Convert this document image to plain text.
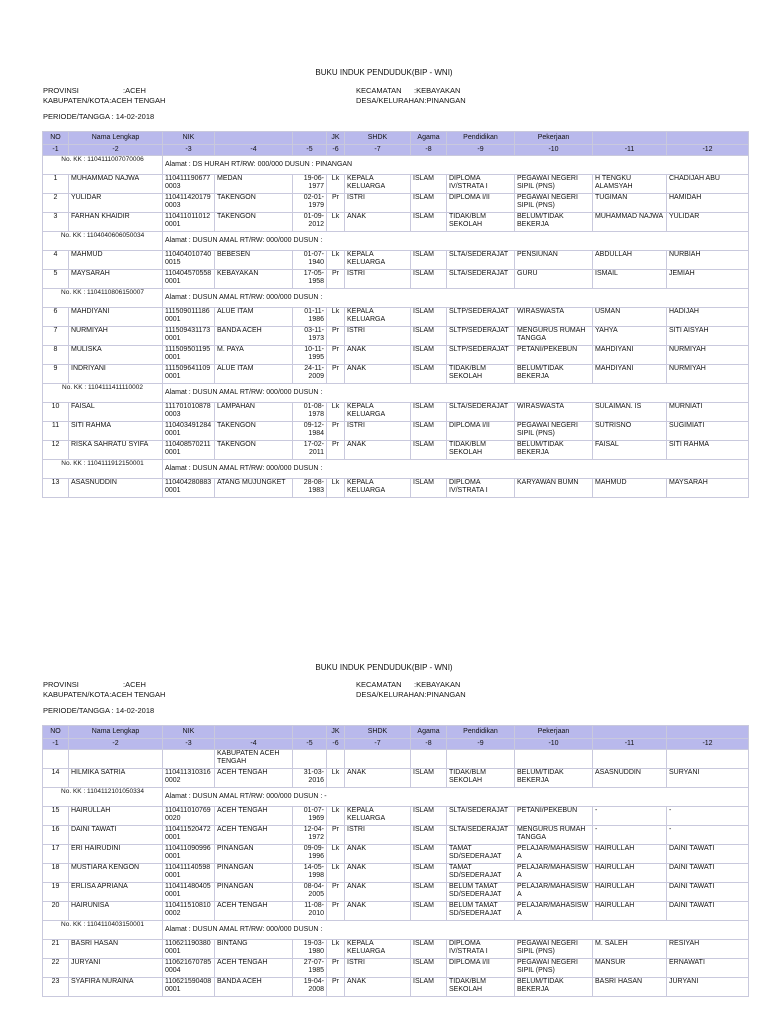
BUKU INDUK PENDUDUK(BIP - WNI)
PROVINSI	:ACEH
KABUPATEN/KOTA:ACEH TENGAH
PERIODE/TANGGA : 14-02-2018
KECAMATAN :KEBAYAKAN
DESA/KELURAHAN:PINANGAN
NO	Nama Lengkap	NIK			JK	SHDK	Agama	Pendidikan	Pekerjaan		
-1	-2	-3	-4	-5	-6	-7	-8	-9	-10	-11	-12
No. KK : 1104111007070006		Alamat : DS HURAH RT/RW: 000/000 DUSUN : PINANGAN									
1	MUHAMMAD NAJWA	1104111906770003	MEDAN	19-06-1977	Lk	KEPALA KELUARGA	ISLAM	DIPLOMA IV/STRATA I	PEGAWAI NEGERI SIPIL (PNS)	H TENGKU ALAMSYAH	CHADIJAH ABU
2	YULIDAR	1104114201790003	TAKENGON	02-01-1979	Pr	ISTRI	ISLAM	DIPLOMA I/II	PEGAWAI NEGERI SIPIL (PNS)	TUGIMAN	HAMIDAH
3	FARHAN KHAIDIR	1104110110120001	TAKENGON	01-09-2012	Lk	ANAK	ISLAM	TIDAK/BLM SEKOLAH	BELUM/TIDAK BEKERJA	MUHAMMAD NAJWA	YULIDAR
No. KK : 1104040606050034		Alamat : DUSUN AMAL RT/RW: 000/000 DUSUN :									
4	MAHMUD	1104040107400015	BEBESEN	01-07-1940	Lk	KEPALA KELUARGA	ISLAM	SLTA/SEDERAJAT	PENSIUNAN	ABDULLAH	NURBIAH
5	MAYSARAH	1104045705580001	KEBAYAKAN	17-05-1958	Pr	ISTRI	ISLAM	SLTA/SEDERAJAT	GURU	ISMAIL	JEMIAH
No. KK : 1104110806150007		Alamat : DUSUN AMAL RT/RW: 000/000 DUSUN :									
6	MAHDIYANI	1115090111860001	ALUE ITAM	01-11-1986	Lk	KEPALA KELUARGA	ISLAM	SLTP/SEDERAJAT	WIRASWASTA	USMAN	HADIJAH
7	NURMIYAH	1115094311730001	BANDA ACEH	03-11-1973	Pr	ISTRI	ISLAM	SLTP/SEDERAJAT	MENGURUS RUMAH TANGGA	YAHYA	SITI AISYAH
8	MULISKA	1115095011950001	M. PAYA	10-11-1995	Pr	ANAK	ISLAM	SLTP/SEDERAJAT	PETANI/PEKEBUN	MAHDIYANI	NURMIYAH
9	INDRIYANI	1115096411090001	ALUE ITAM	24-11-2009	Pr	ANAK	ISLAM	TIDAK/BLM SEKOLAH	BELUM/TIDAK BEKERJA	MAHDIYANI	NURMIYAH
No. KK : 1104111411110002		Alamat : DUSUN AMAL RT/RW: 000/000 DUSUN :									
10	FAISAL	1117010108780003	LAMPAHAN	01-08-1978	Lk	KEPALA KELUARGA	ISLAM	SLTA/SEDERAJAT	WIRASWASTA	SULAIMAN. IS	MURNIATI
11	SITI RAHMA	1104034912840001	TAKENGON	09-12-1984	Pr	ISTRI	ISLAM	DIPLOMA I/II	PEGAWAI NEGERI SIPIL (PNS)	SUTRISNO	SUGIMIATI
12	RISKA SAHRATU SYIFA	1104085702110001	TAKENGON	17-02-2011	Pr	ANAK	ISLAM	TIDAK/BLM SEKOLAH	BELUM/TIDAK BEKERJA	FAISAL	SITI RAHMA
No. KK : 1104111912150001		Alamat : DUSUN AMAL RT/RW: 000/000 DUSUN :									
13	ASASNUDDIN	1104042808830001	ATANG MUJUNGKET	28-08-1983	Lk	KEPALA KELUARGA	ISLAM	DIPLOMA IV/STRATA I	KARYAWAN BUMN	MAHMUD	MAYSARAH
BUKU INDUK PENDUDUK(BIP - WNI)
PROVINSI	:ACEH
KABUPATEN/KOTA:ACEH TENGAH
PERIODE/TANGGA : 14-02-2018
KECAMATAN :KEBAYAKAN
DESA/KELURAHAN:PINANGAN
NO	Nama Lengkap	NIK			JK	SHDK	Agama	Pendidikan	Pekerjaan		
-1	-2	-3	-4	-5	-6	-7	-8	-9	-10	-11	-12
			KABUPATEN ACEH TENGAH								
14	HILMIKA SATRIA	1104113103160002	ACEH TENGAH	31-03-2016	Lk	ANAK	ISLAM	TIDAK/BLM SEKOLAH	BELUM/TIDAK BEKERJA	ASASNUDDIN	SURYANI
No. KK : 1104112101050334		Alamat : DUSUN AMAL RT/RW: 000/000 DUSUN : -									
15	HAIRULLAH	1104110107690020	ACEH TENGAH	01-07-1969	Lk	KEPALA KELUARGA	ISLAM	SLTA/SEDERAJAT	PETANI/PEKEBUN	-	-
16	DAINI TAWATI	1104115204720001	ACEH TENGAH	12-04-1972	Pr	ISTRI	ISLAM	SLTA/SEDERAJAT	MENGURUS RUMAH TANGGA	-	-
17	ERI HAIRUDINI	1104110909960001	PINANGAN	09-09-1996	Lk	ANAK	ISLAM	TAMAT SD/SEDERAJAT	PELAJAR/MAHASISWA	HAIRULLAH	DAINI TAWATI
18	MUSTIARA KENGON	1104111405980001	PINANGAN	14-05-1998	Lk	ANAK	ISLAM	TAMAT SD/SEDERAJAT	PELAJAR/MAHASISWA	HAIRULLAH	DAINI TAWATI
19	ERLISA APRIANA	1104114804050001	PINANGAN	08-04-2005	Pr	ANAK	ISLAM	BELUM TAMAT SD/SEDERAJAT	PELAJAR/MAHASISWA	HAIRULLAH	DAINI TAWATI
20	HAIRUNISA	1104115108100002	ACEH TENGAH	11-08-2010	Pr	ANAK	ISLAM	BELUM TAMAT SD/SEDERAJAT	PELAJAR/MAHASISWA	HAIRULLAH	DAINI TAWATI
No. KK : 1104110403150001		Alamat : DUSUN AMAL RT/RW: 000/000 DUSUN :									
21	BASRI HASAN	1106211903800001	BINTANG	19-03-1980	Lk	KEPALA KELUARGA	ISLAM	DIPLOMA IV/STRATA I	PEGAWAI NEGERI SIPIL (PNS)	M. SALEH	RESIYAH
22	JURYANI	1106216707850004	ACEH TENGAH	27-07-1985	Pr	ISTRI	ISLAM	DIPLOMA I/II	PEGAWAI NEGERI SIPIL (PNS)	MANSUR	ERNAWATI
23	SYAFIRA NURAINA	1106215904080001	BANDA ACEH	19-04-2008	Pr	ANAK	ISLAM	TIDAK/BLM SEKOLAH	BELUM/TIDAK BEKERJA	BASRI HASAN	JURYANI
